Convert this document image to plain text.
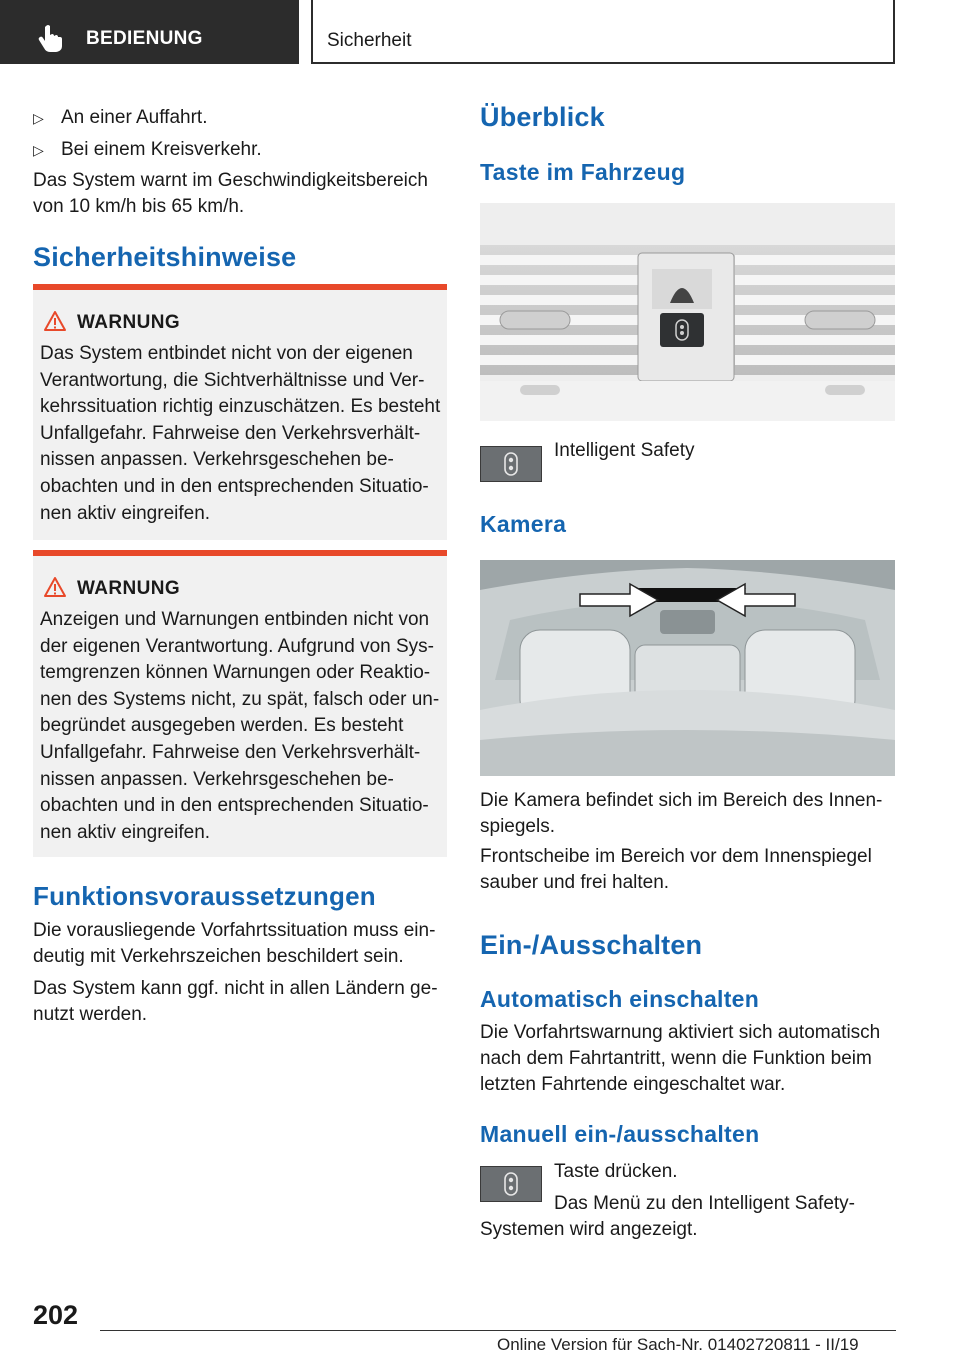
BEDIENUNG	Sicherheit
▷ An einer Auffahrt.
▷ Bei einem Kreisverkehr.

Das System warnt im Geschwindigkeitsbereich von 10 km/h bis 65 km/h.

Sicherheitshinweise
WARNUNG
Das System entbindet nicht von der eigenen Verantwortung, die Sichtverhältnisse und Verkehrssituation richtig einzuschätzen. Es besteht Unfallgefahr. Fahrweise den Verkehrsverhältnissen anpassen. Verkehrsgeschehen beobachten und in den entsprechenden Situationen aktiv eingreifen.
WARNUNG
Anzeigen und Warnungen entbinden nicht von der eigenen Verantwortung. Aufgrund von Systemgrenzen können Warnungen oder Reaktionen des Systems nicht, zu spät, falsch oder unbegründet ausgegeben werden. Es besteht Unfallgefahr. Fahrweise den Verkehrsverhältnissen anpassen. Verkehrsgeschehen beobachten und in den entsprechenden Situationen aktiv eingreifen.
Funktionsvoraussetzungen

Die vorausliegende Vorfahrtssituation muss eindeutig mit Verkehrszeichen beschildert sein.

Das System kann ggf. nicht in allen Ländern genutzt werden.

Überblick
Taste im Fahrzeug

Intelligent Safety

Kamera

Die Kamera befindet sich im Bereich des Innenspiegels.

Frontscheibe im Bereich vor dem Innenspiegel sauber und frei halten.

Ein-/Ausschalten
Automatisch einschalten

Die Vorfahrtswarnung aktiviert sich automatisch nach dem Fahrtantritt, wenn die Funktion beim letzten Fahrtende eingeschaltet war.

Manuell ein-/ausschalten

Taste drücken.

Das Menü zu den Intelligent Safety-Systemen wird angezeigt.

202
Online Version für Sach-Nr. 01402720811 - II/19
